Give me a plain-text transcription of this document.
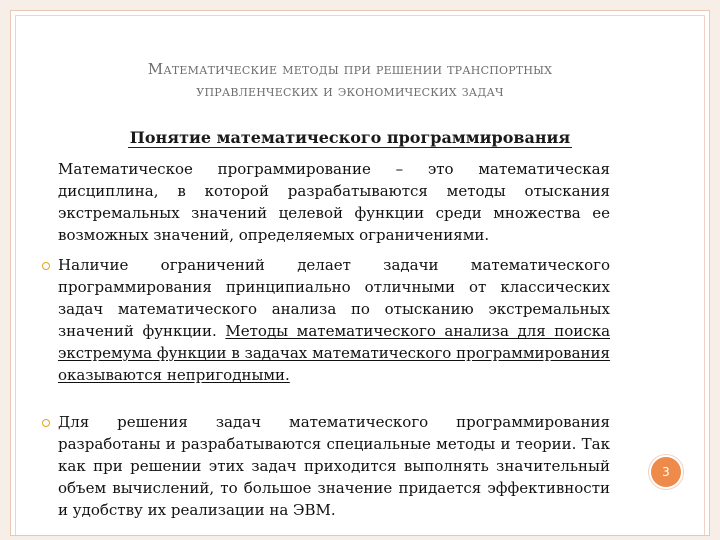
Математические методы при решении транспортных
управленческих и экономических задач
Понятие математического программирования

Математическое программирование – это математическая дисциплина, в которой разрабатываются методы отыскания экстремальных значений целевой функции среди множества ее возможных значений, определяемых ограничениями.

Наличие ограничений делает задачи математического программирования принципиально отличными от классических задач математического анализа по отысканию экстремальных значений функции. Методы математического анализа для поиска экстремума функции в задачах математического программирования оказываются непригодными.

Для решения задач математического программирования разработаны и разрабатываются специальные методы и теории. Так как при решении этих задач приходится выполнять значительный объем вычислений, то большое значение придается эффективности и удобству их реализации на ЭВМ.

3
